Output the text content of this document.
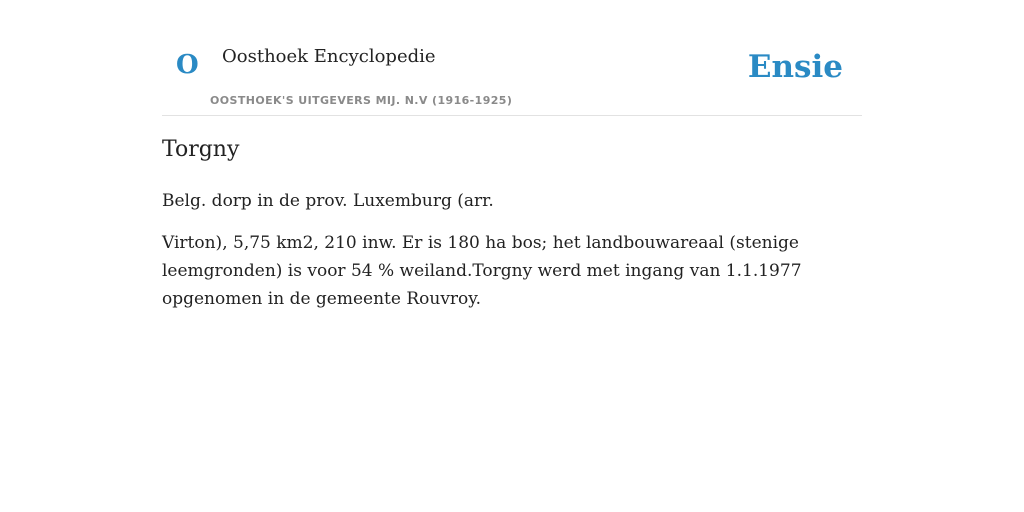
O Oosthoek Encyclopedie
OOSTHOEK'S UITGEVERS MIJ. N.V (1916-1925)
Ensie
Torgny

Belg. dorp in de prov. Luxemburg (arr.

Virton), 5,75 km2, 210 inw. Er is 180 ha bos; het landbouwareaal (stenige leemgronden) is voor 54 % weiland.Torgny werd met ingang van 1.1.1977 opgenomen in de gemeente Rouvroy.
